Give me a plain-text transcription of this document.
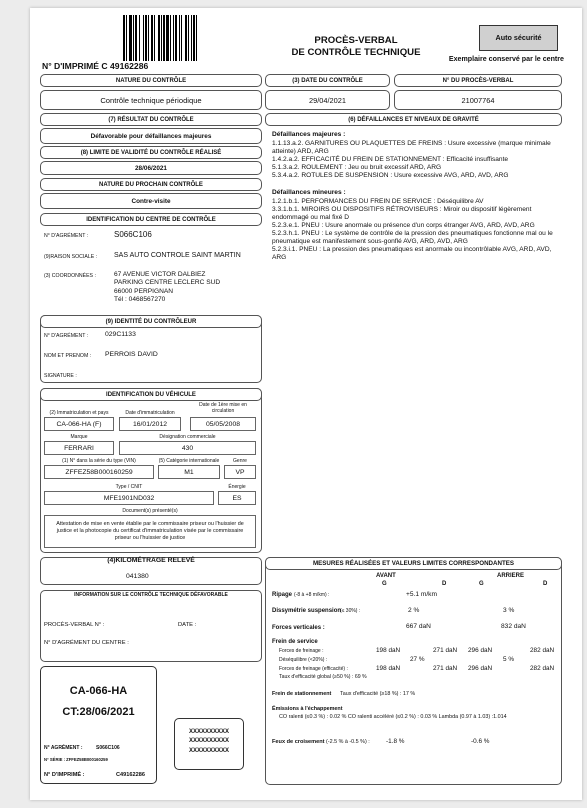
N° D'IMPRIMÉ C 49162286
PROCÈS-VERBAL
DE CONTRÔLE TECHNIQUE
Auto sécurité
Exemplaire conservé par le centre
NATURE DU CONTRÔLE
Contrôle technique périodique
(3) DATE DU CONTRÔLE
29/04/2021
N° DU PROCÈS-VERBAL
21007764
(7) RÉSULTAT DU CONTRÔLE
Défavorable pour défaillances majeures
(6) DÉFAILLANCES ET NIVEAUX DE GRAVITÉ
Défaillances majeures :
1.1.13.a.2. GARNITURES OU PLAQUETTES DE FREINS : Usure excessive (marque minimale atteinte) ARD, ARG
1.4.2.a.2. EFFICACITÉ DU FREIN DE STATIONNEMENT : Efficacité insuffisante
5.1.3.a.2. ROULEMENT : Jeu ou bruit excessif ARD, ARG
5.3.4.a.2. ROTULES DE SUSPENSION : Usure excessive AVG, ARD, AVD, ARG
Défaillances mineures :
1.2.1.b.1. PERFORMANCES DU FREIN DE SERVICE : Déséquilibre AV
3.3.1.b.1. MIROIRS OU DISPOSITIFS RÉTROVISEURS : Miroir ou dispositif légèrement endommagé ou mal fixé D
5.2.3.e.1. PNEU : Usure anormale ou présence d'un corps étranger AVG, ARD, AVD, ARG
5.2.3.h.1. PNEU : Le système de contrôle de la pression des pneumatiques fonctionne mal ou le pneumatique est manifestement sous-gonflé AVG, ARD, AVD, ARG
5.2.3.i.1. PNEU : La pression des pneumatiques est anormale ou incontrôlable AVG, ARD, AVD, ARG
(8) LIMITE DE VALIDITÉ DU CONTRÔLE RÉALISÉ
28/06/2021
NATURE DU PROCHAIN CONTRÔLE
Contre-visite
IDENTIFICATION DU CENTRE DE CONTRÔLE
N° D'AGRÉMENT :	S066C106
(9)RAISON SOCIALE : SAS AUTO CONTROLE SAINT MARTIN
(3) COORDONNÉES :	67 AVENUE VICTOR DALBIEZ
PARKING CENTRE LECLERC SUD
66000 PERPIGNAN
Tél : 0468567270
(9) IDENTITÉ DU CONTRÔLEUR
N° D'AGRÉMENT : 029C1133
NOM ET PRENOM : PERROIS DAVID
SIGNATURE :
IDENTIFICATION DU VÉHICULE
(2) Immatriculation et pays
CA-066-HA (F)
Date d'immatriculation
16/01/2012
Date de 1ère mise en circulation
05/05/2008
Marque
FERRARI
Désignation commerciale
430
(1) N° dans la série du type (VIN)
ZFFEZ58B000160259
(5) Catégorie internationale
M1
Genre
VP
Type / CNIT
MFE1901ND032
Énergie
ES
Document(s) présenté(s)
Attestation de mise en vente établie par le commissaire priseur ou l'huissier de justice et la photocopie du certificat d'immatriculation visée par le commissaire priseur ou l'huissier de justice
(4)KILOMÉTRAGE RELEVÉ
041380
INFORMATION SUR LE CONTRÔLE TECHNIQUE DÉFAVORABLE
PROCÈS-VERBAL N° :	DATE :
N° D'AGRÉMENT DU CENTRE :
CA-066-HA
CT:28/06/2021
N° AGRÉMENT :	S066C106
N° SÉRIE : ZFFEZ58B000160259
N° D'IMPRIMÉ :	C49162286
XXXXXXXXXX
XXXXXXXXXX
XXXXXXXXXX
MESURES RÉALISÉES ET VALEURS LIMITES CORRESPONDANTES
AVANT	ARRIERE
G	D	G	D
Ripage (-8 à +8 m/km) :	+5.1 m/km
Dissymétrie suspension
(≤ 30%) :	2 %	3 %
Forces verticales :	667 daN	832 daN
Frein de service
Forces de freinage :	198 daN	271 daN 296 daN	282 daN
Déséquilibre (<20%) :	27 %	5 %
Forces de freinage (efficacité) :	198 daN	271 daN 296 daN	282 daN
Taux d'efficacité global (≥50 %) : 69 %
Frein de stationnement Taux d'efficacité (≥18 %) : 17 %
Émissions à l'échappement
CO ralenti (≤0.3 %) : 0.02 % CO ralenti accéléré (≤0.2 %) : 0.03 % Lambda (0.97 à 1.03) :1.014
Feux de croisement (-2.5 % à -0.5 %) :	-1.8 %	-0.6 %
